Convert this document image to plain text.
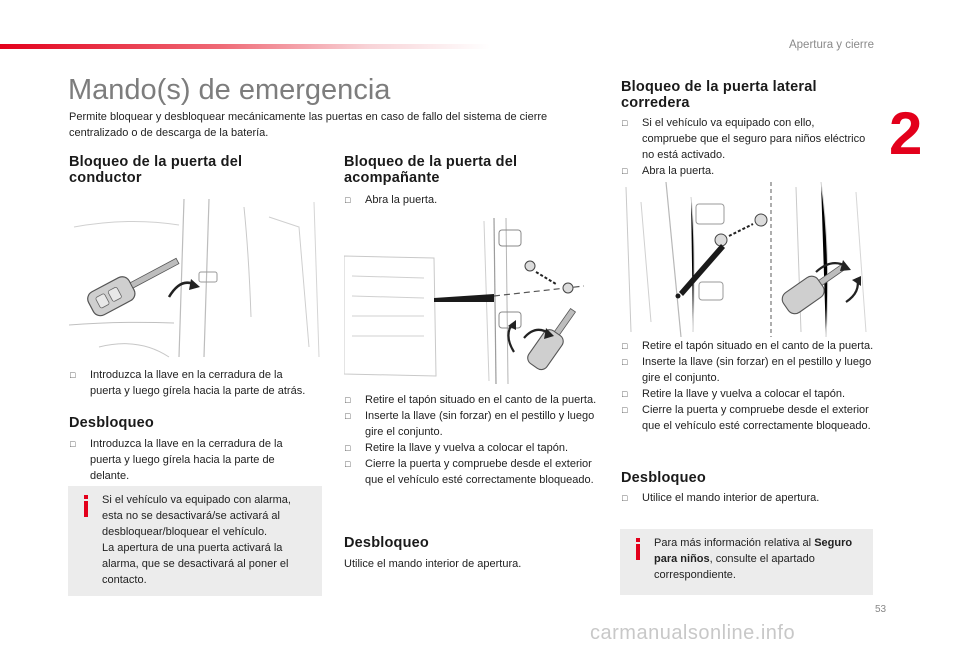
Apertura y cierre
2
Mando(s) de emergencia
Permite bloquear y desbloquear mecánicamente las puertas en caso de fallo del sistema de cierre centralizado o de descarga de la batería.
Bloqueo de la puerta del conductor
□ Introduzca la llave en la cerradura de la puerta y luego gírela hacia la parte de atrás.
Desbloqueo
□ Introduzca la llave en la cerradura de la puerta y luego gírela hacia la parte de delante.
Si el vehículo va equipado con alarma, esta no se desactivará/se activará al desbloquear/bloquear el vehículo.
La apertura de una puerta activará la alarma, que se desactivará al poner el contacto.
Bloqueo de la puerta del acompañante
□ Abra la puerta.
□ Retire el tapón situado en el canto de la puerta.
□ Inserte la llave (sin forzar) en el pestillo y luego gire el conjunto.
□ Retire la llave y vuelva a colocar el tapón.
□ Cierre la puerta y compruebe desde el exterior que el vehículo esté correctamente bloqueado.
Desbloqueo

Utilice el mando interior de apertura.

Bloqueo de la puerta lateral corredera
□ Si el vehículo va equipado con ello, compruebe que el seguro para niños eléctrico no está activado.
□ Abra la puerta.
□ Retire el tapón situado en el canto de la puerta.
□ Inserte la llave (sin forzar) en el pestillo y luego gire el conjunto.
□ Retire la llave y vuelva a colocar el tapón.
□ Cierre la puerta y compruebe desde el exterior que el vehículo esté correctamente bloqueado.
Desbloqueo
□ Utilice el mando interior de apertura.
Para más información relativa al Seguro para niños, consulte el apartado correspondiente.
53
carmanualsonline.info
